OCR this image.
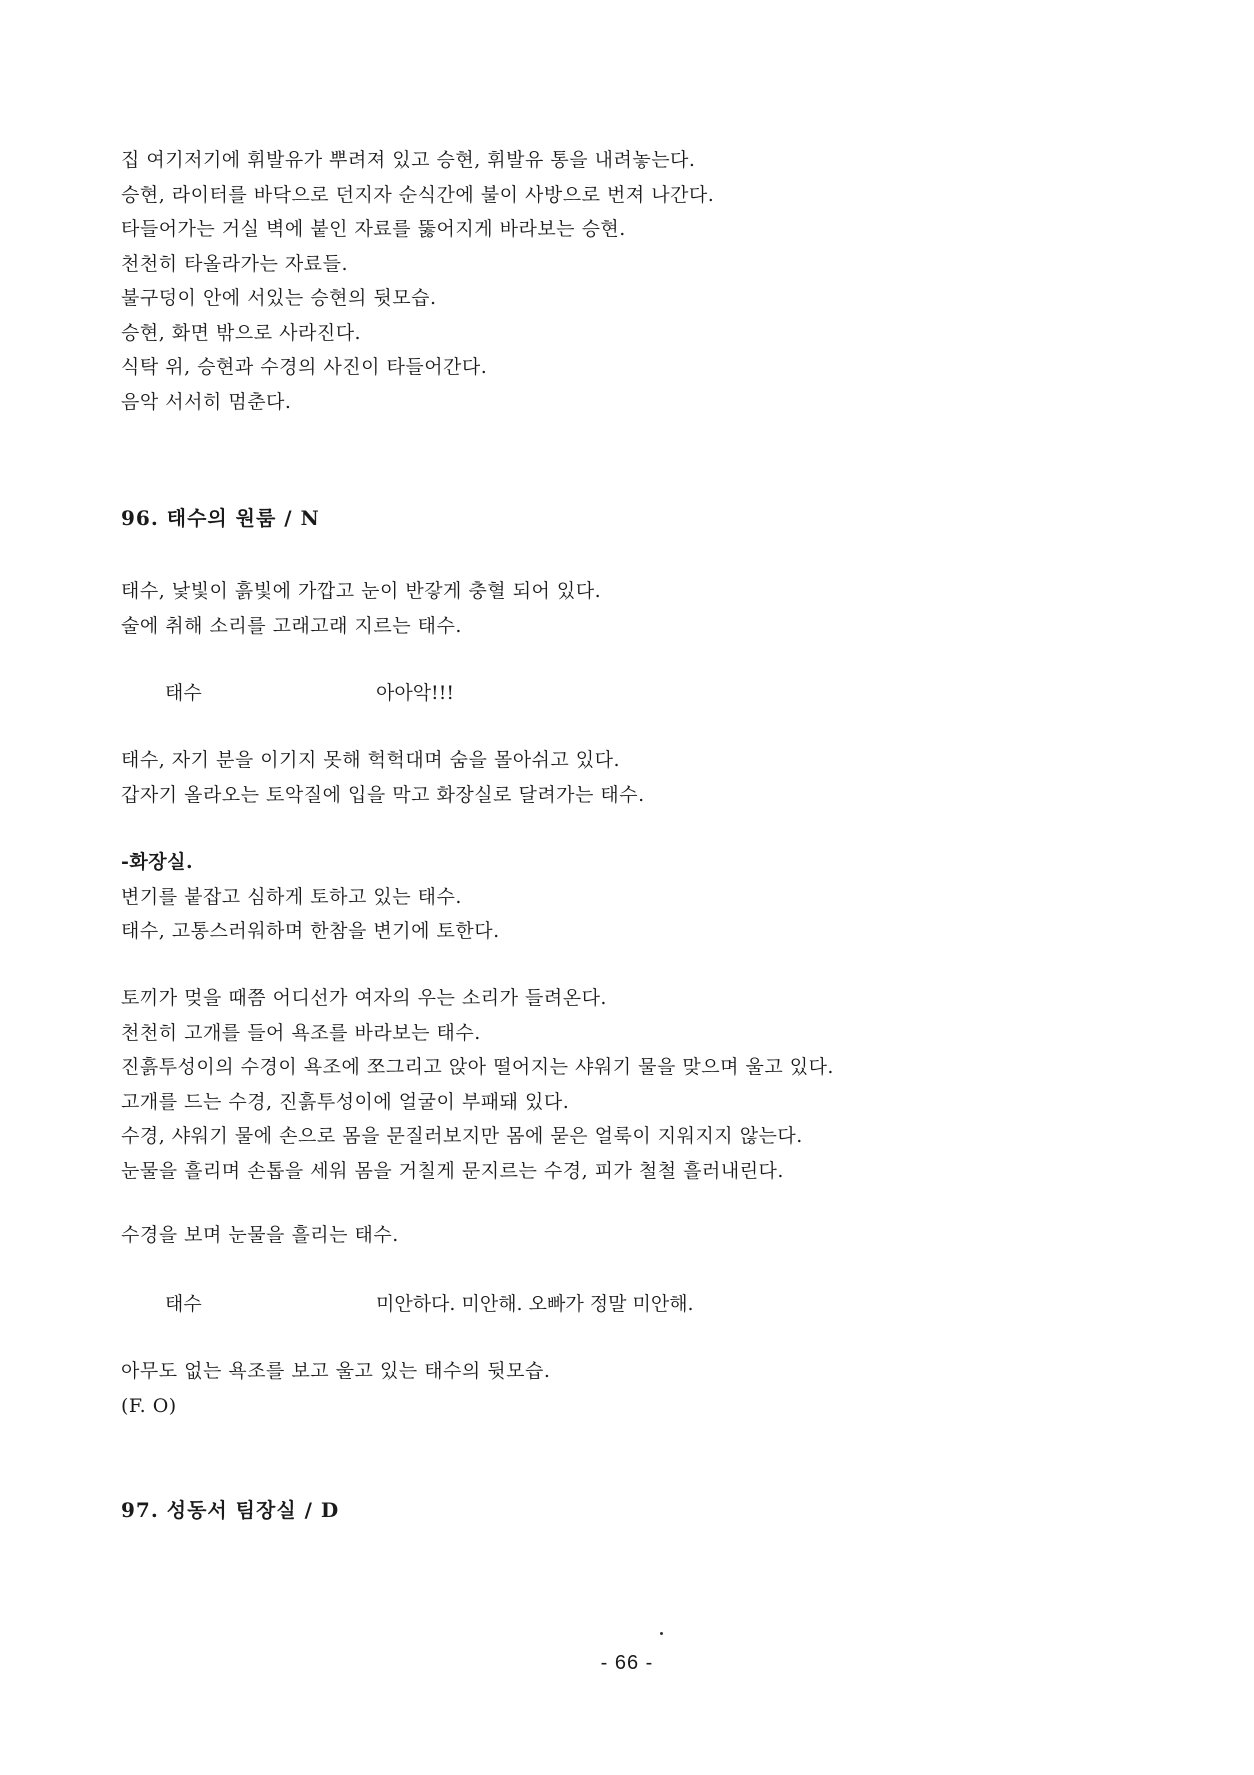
집 여기저기에 휘발유가 뿌려져 있고 승현, 휘발유 통을 내려놓는다.
승현, 라이터를 바닥으로 던지자 순식간에 불이 사방으로 번져 나간다.
타들어가는 거실 벽에 붙인 자료를 뚫어지게 바라보는 승현.
천천히 타올라가는 자료들.
불구덩이 안에 서있는 승현의 뒷모습.
승현, 화면 밖으로 사라진다.
식탁 위, 승현과 수경의 사진이 타들어간다.
음악 서서히 멈춘다.
96. 태수의 원룸 / N
태수, 낯빛이 흙빛에 가깝고 눈이 반갛게 충혈 되어 있다.
술에 취해 소리를 고래고래 지르는 태수.
태수	아아악!!!
태수, 자기 분을 이기지 못해 헉헉대며 숨을 몰아쉬고 있다.
갑자기 올라오는 토악질에 입을 막고 화장실로 달려가는 태수.
-화장실.
변기를 붙잡고 심하게 토하고 있는 태수.
태수, 고통스러워하며 한참을 변기에 토한다.
토끼가 멎을 때쯤 어디선가 여자의 우는 소리가 들려온다.
천천히 고개를 들어 욕조를 바라보는 태수.
진흙투성이의 수경이 욕조에 쪼그리고 앉아 떨어지는 샤워기 물을 맞으며 울고 있다.
고개를 드는 수경, 진흙투성이에 얼굴이 부패돼 있다.
수경, 샤워기 물에 손으로 몸을 문질러보지만 몸에 묻은 얼룩이 지워지지 않는다.
눈물을 흘리며 손톱을 세워 몸을 거칠게 문지르는 수경, 피가 철철 흘러내린다.
수경을 보며 눈물을 흘리는 태수.
태수	미안하다. 미안해. 오빠가 정말 미안해.
아무도 없는 욕조를 보고 울고 있는 태수의 뒷모습.
(F. O)
97. 성동서 팀장실 / D
- 66 -
